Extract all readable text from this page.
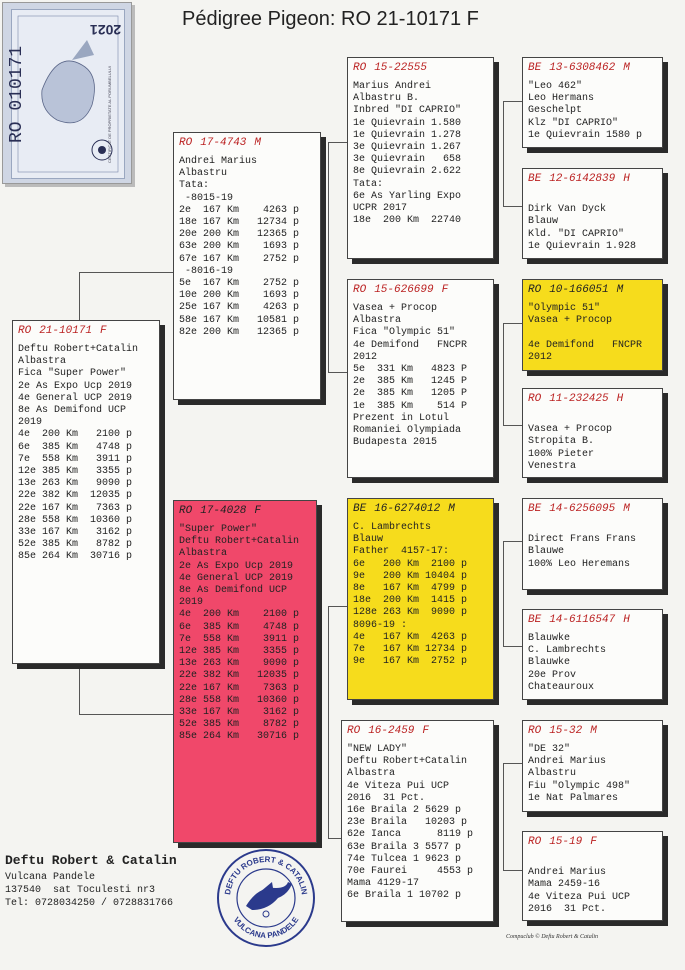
2021
RO 010171	CERTIFICAT DE PROPRIETATE AL PORUMBELULUI
Pédigree Pigeon: RO 21-10171 F
RO 21-10171 F
Deftu Robert+Catalin
Albastra
Fica "Super Power"
2e As Expo Ucp 2019
4e General UCP 2019
8e As Demifond UCP
2019
4e  200 Km   2100 p
6e  385 Km   4748 p
7e  558 Km   3911 p
12e 385 Km   3355 p
13e 263 Km   9090 p
22e 382 Km  12035 p
22e 167 Km   7363 p
28e 558 Km  10360 p
33e 167 Km   3162 p
52e 385 Km   8782 p
85e 264 Km  30716 p
RO 17-4743 M
Andrei Marius
Albastru
Tata:
-8015-19
2e  167 Km    4263 p
18e 167 Km   12734 p
20e 200 Km   12365 p
63e 200 Km    1693 p
67e 167 Km    2752 p
-8016-19
5e  167 Km    2752 p
10e 200 Km    1693 p
25e 167 Km    4263 p
58e 167 Km   10581 p
82e 200 Km   12365 p
RO 17-4028 F
"Super Power"
Deftu Robert+Catalin
Albastra
2e As Expo Ucp 2019
4e General UCP 2019
8e As Demifond UCP
2019
4e  200 Km    2100 p
6e  385 Km    4748 p
7e  558 Km    3911 p
12e 385 Km    3355 p
13e 263 Km    9090 p
22e 382 Km   12035 p
22e 167 Km    7363 p
28e 558 Km   10360 p
33e 167 Km    3162 p
52e 385 Km    8782 p
85e 264 Km   30716 p
RO 15-22555

Marius Andrei
Albastru B.
Inbred "DI CAPRIO"
1e Quievrain 1.580
1e Quievrain 1.278
3e Quievrain 1.267
3e Quievrain   658
8e Quievrain 2.622
Tata:
6e As Yarling Expo
UCPR 2017
18e  200 Km  22740
RO 15-626699 F
Vasea + Procop
Albastra
Fica "Olympic 51"
4e Demifond   FNCPR
2012
5e  331 Km   4823 P
2e  385 Km   1245 P
2e  385 Km   1205 P
1e  385 Km    514 P
Prezent in Lotul
Romaniei Olympiada
Budapesta 2015
BE 16-6274012 M
C. Lambrechts
Blauw
Father  4157-17:
6e   200 Km  2100 p
9e   200 Km 10404 p
8e   167 Km  4799 p
18e  200 Km  1415 p
128e 263 Km  9090 p
8096-19 :
4e   167 Km  4263 p
7e   167 Km 12734 p
9e   167 Km  2752 p
RO 16-2459 F
"NEW LADY"
Deftu Robert+Catalin
Albastra
4e Viteza Pui UCP
2016  31 Pct.
16e Braila 2 5629 p
23e Braila   10203 p
62e Ianca      8119 p
63e Braila 3 5577 p
74e Tulcea 1 9623 p
70e Faurei     4553 p
Mama 4129-17
6e Braila 1 10702 p
BE 13-6308462 M
"Leo 462"
Leo Hermans
Geschelpt
Klz "DI CAPRIO"
1e Quievrain 1580 p
BE 12-6142839 H

Dirk Van Dyck
Blauw
Kld. "DI CAPRIO"
1e Quievrain 1.928
RO 10-166051 M
"Olympic 51"
Vasea + Procop

4e Demifond   FNCPR
2012
RO 11-232425 H

Vasea + Procop
Stropita B.
100% Pieter
Venestra
BE 14-6256095 M

Direct Frans Frans
Blauwe
100% Leo Heremans
BE 14-6116547 H
Blauwke
C. Lambrechts
Blauwke
20e Prov
Chateauroux
RO 15-32 M
"DE 32"
Andrei Marius
Albastru
Fiu "Olympic 498"
1e Nat Palmares
RO 15-19 F

Andrei Marius
Mama 2459-16
4e Viteza Pui UCP
2016  31 Pct.
Deftu Robert & Catalin
Vulcana Pandele
137540  sat Toculesti nr3
Tel: 0728034250 / 0728831766
DEFTU ROBERT & CATALIN
VULCANA PANDELE
Compuclub © Deftu Robert & Catalin
